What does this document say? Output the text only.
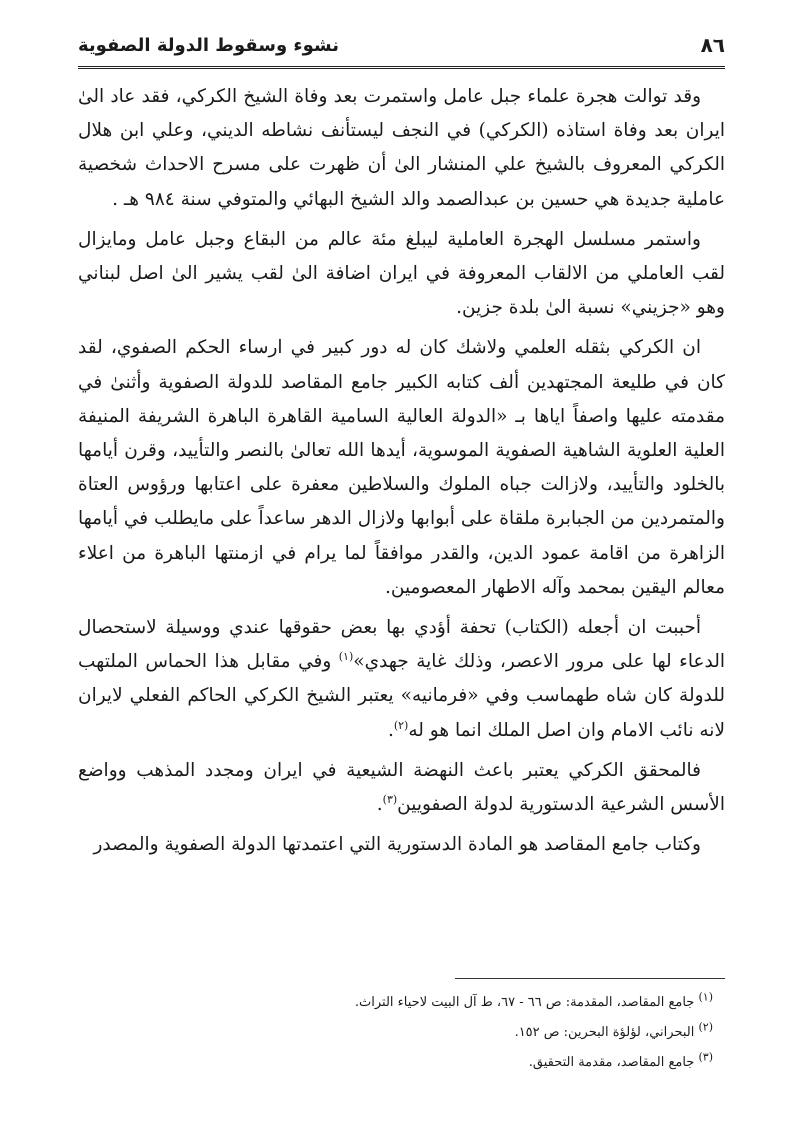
٨٦
نشوء وسقوط الدولة الصفوية

وقد توالت هجرة علماء جبل عامل واستمرت بعد وفاة الشيخ الكركي، فقد عاد الىٰ ايران بعد وفاة استاذه (الكركي) في النجف ليستأنف نشاطه الديني، وعلي ابن هلال الكركي المعروف بالشيخ علي المنشار الىٰ أن ظهرت على مسرح الاحداث شخصية عاملية جديدة هي حسين بن عبدالصمد والد الشيخ البهائي والمتوفي سنة ٩٨٤ هـ .

واستمر مسلسل الهجرة العاملية ليبلغ مئة عالم من البقاع وجبل عامل ومايزال لقب العاملي من الالقاب المعروفة في ايران اضافة الىٰ لقب يشير الىٰ اصل لبناني وهو «جزيني» نسبة الىٰ بلدة جزين.

ان الكركي بثقله العلمي ولاشك كان له دور كبير في ارساء الحكم الصفوي، لقد كان في طليعة المجتهدين ألف كتابه الكبير جامع المقاصد للدولة الصفوية وأثنىٰ في مقدمته عليها واصفاً اياها بـ «الدولة العالية السامية القاهرة الباهرة الشريفة المنيفة العلية العلوية الشاهية الصفوية الموسوية، أيدها الله تعالىٰ بالنصر والتأييد، وقرن أيامها بالخلود والتأييد، ولازالت جباه الملوك والسلاطين معفرة على اعتابها ورؤوس العتاة والمتمردين من الجبابرة ملقاة على أبوابها ولازال الدهر ساعداً على مايطلب في أيامها الزاهرة من اقامة عمود الدين، والقدر موافقاً لما يرام في ازمنتها الباهرة من اعلاء معالم اليقين بمحمد وآله الاطهار المعصومين.

أحببت ان أجعله (الكتاب) تحفة أؤدي بها بعض حقوقها عندي ووسيلة لاستحصال الدعاء لها على مرور الاعصر، وذلك غاية جهدي»$^{(١)}$ وفي مقابل هذا الحماس الملتهب للدولة كان شاه طهماسب وفي «فرمانيه» يعتبر الشيخ الكركي الحاكم الفعلي لايران لانه نائب الامام وان اصل الملك انما هو له$^{(٢)}$.

فالمحقق الكركي يعتبر باعث النهضة الشيعية في ايران ومجدد المذهب وواضع الأسس الشرعية الدستورية لدولة الصفويين$^{(٣)}$.

وكتاب جامع المقاصد هو المادة الدستورية التي اعتمدتها الدولة الصفوية والمصدر

$^{(١)}$ جامع المقاصد، المقدمة: ص ٦٦ - ٦٧، ط آل البيت لاحياء التراث.
$^{(٢)}$ البحراني، لؤلؤة البحرين: ص ١٥٢.
$^{(٣)}$ جامع المقاصد، مقدمة التحقيق.
